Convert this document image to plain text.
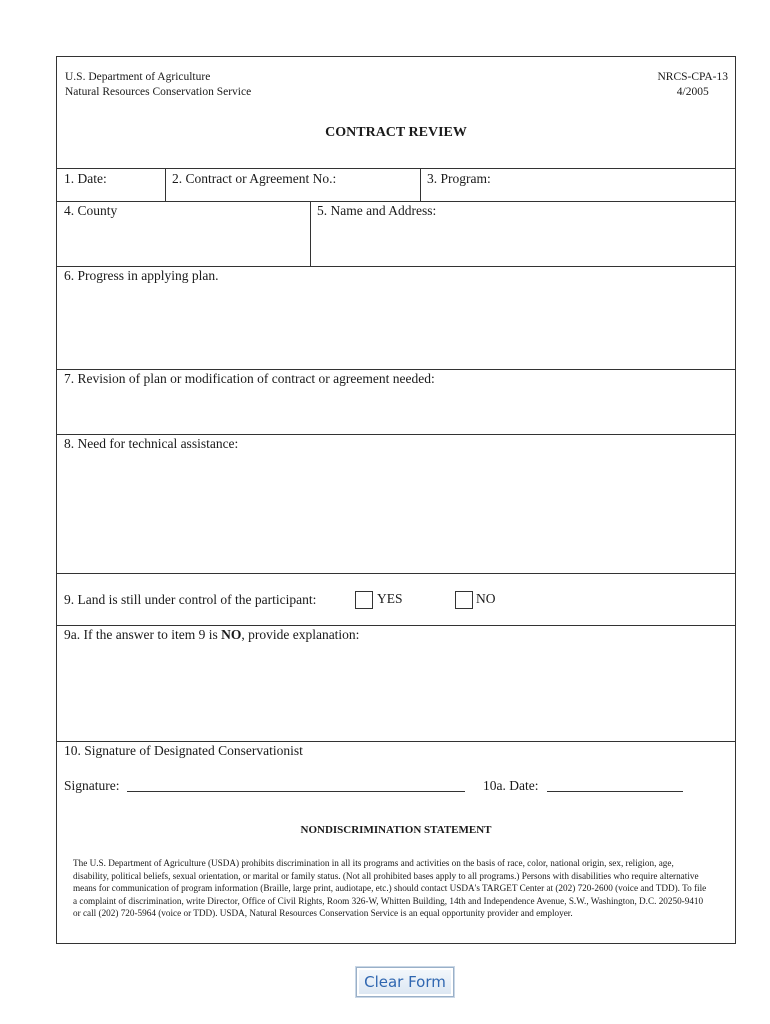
U.S. Department of Agriculture
Natural Resources Conservation Service
NRCS-CPA-13
4/2005
CONTRACT REVIEW
1. Date:	2. Contract or Agreement No.:	3. Program:
4. County	5. Name and Address:
6. Progress in applying plan.
7. Revision of plan or modification of contract or agreement needed:
8. Need for technical assistance:
9. Land is still under control of the participant:	YES	NO
9a. If the answer to item 9 is NO, provide explanation:
10. Signature of Designated Conservationist
Signature:	10a. Date:
NONDISCRIMINATION STATEMENT
The U.S. Department of Agriculture (USDA) prohibits discrimination in all its programs and activities on the basis of race, color, national origin, sex, religion, age, disability, political beliefs, sexual orientation, or marital or family status. (Not all prohibited bases apply to all programs.) Persons with disabilities who require alternative means for communication of program information (Braille, large print, audiotape, etc.) should contact USDA's TARGET Center at (202) 720-2600 (voice and TDD). To file a complaint of discrimination, write Director, Office of Civil Rights, Room 326-W, Whitten Building, 14th and Independence Avenue, S.W., Washington, D.C. 20250-9410 or call (202) 720-5964 (voice or TDD). USDA, Natural Resources Conservation Service is an equal opportunity provider and employer.
Clear Form
